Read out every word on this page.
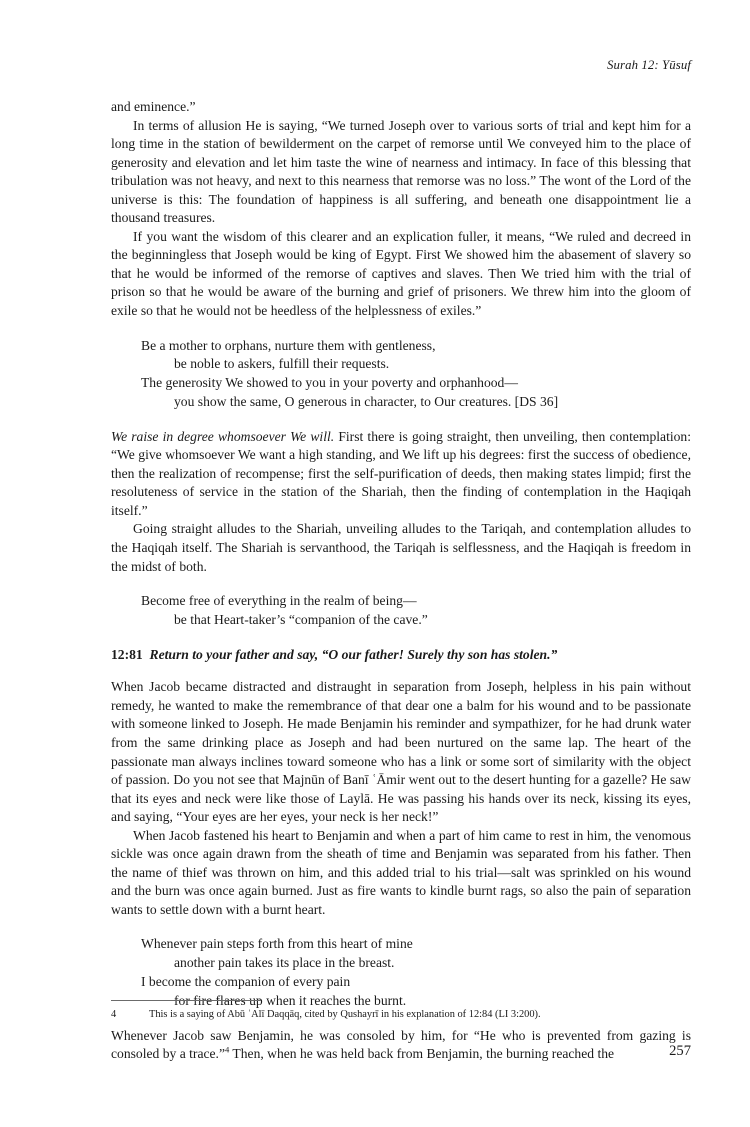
Surah 12: Yūsuf

and eminence.”

In terms of allusion He is saying, “We turned Joseph over to various sorts of trial and kept him for a long time in the station of bewilderment on the carpet of remorse until We conveyed him to the place of generosity and elevation and let him taste the wine of nearness and intimacy. In face of this blessing that tribulation was not heavy, and next to this nearness that remorse was no loss.” The wont of the Lord of the universe is this: The foundation of happiness is all suffering, and beneath one disappointment lie a thousand treasures.

If you want the wisdom of this clearer and an explication fuller, it means, “We ruled and decreed in the beginningless that Joseph would be king of Egypt. First We showed him the abasement of slavery so that he would be informed of the remorse of captives and slaves. Then We tried him with the trial of prison so that he would be aware of the burning and grief of prisoners. We threw him into the gloom of exile so that he would not be heedless of the helplessness of exiles.”

Be a mother to orphans, nurture them with gentleness,
be noble to askers, fulfill their requests.
The generosity We showed to you in your poverty and orphanhood—
you show the same, O generous in character, to Our creatures. [DS 36]

We raise in degree whomsoever We will. First there is going straight, then unveiling, then contemplation: “We give whomsoever We want a high standing, and We lift up his degrees: first the success of obedience, then the realization of recompense; first the self-purification of deeds, then making states limpid; first the resoluteness of service in the station of the Shariah, then the finding of contemplation in the Haqiqah itself.”

Going straight alludes to the Shariah, unveiling alludes to the Tariqah, and contemplation alludes to the Haqiqah itself. The Shariah is servanthood, the Tariqah is selflessness, and the Haqiqah is freedom in the midst of both.

Become free of everything in the realm of being—
be that Heart-taker’s “companion of the cave.”

12:81 Return to your father and say, “O our father! Surely thy son has stolen.”

When Jacob became distracted and distraught in separation from Joseph, helpless in his pain without remedy, he wanted to make the remembrance of that dear one a balm for his wound and to be passionate with someone linked to Joseph. He made Benjamin his reminder and sympathizer, for he had drunk water from the same drinking place as Joseph and had been nurtured on the same lap. The heart of the passionate man always inclines toward someone who has a link or some sort of similarity with the object of passion. Do you not see that Majnūn of Banī ʿĀmir went out to the desert hunting for a gazelle? He saw that its eyes and neck were like those of Laylā. He was passing his hands over its neck, kissing its eyes, and saying, “Your eyes are her eyes, your neck is her neck!”

When Jacob fastened his heart to Benjamin and when a part of him came to rest in him, the venomous sickle was once again drawn from the sheath of time and Benjamin was separated from his father. Then the name of thief was thrown on him, and this added trial to his trial—salt was sprinkled on his wound and the burn was once again burned. Just as fire wants to kindle burnt rags, so also the pain of separation wants to settle down with a burnt heart.

Whenever pain steps forth from this heart of mine
another pain takes its place in the breast.
I become the companion of every pain
for fire flares up when it reaches the burnt.

Whenever Jacob saw Benjamin, he was consoled by him, for “He who is prevented from gazing is consoled by a trace.”$^4$ Then, when he was held back from Benjamin, the burning reached the

4	This is a saying of Abū ʿAlī Daqqāq, cited by Qushayrī in his explanation of 12:84 (LI 3:200).
257
